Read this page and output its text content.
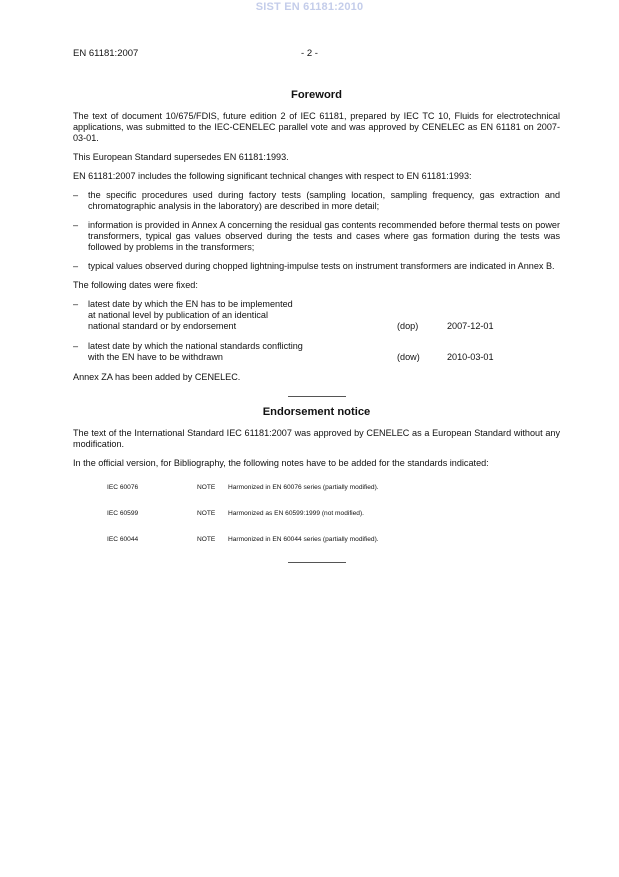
SIST EN 61181:2010
EN 61181:2007	- 2 -
Foreword

The text of document 10/675/FDIS, future edition 2 of IEC 61181, prepared by IEC TC 10, Fluids for electrotechnical applications, was submitted to the IEC-CENELEC parallel vote and was approved by CENELEC as EN 61181 on 2007-03-01.

This European Standard supersedes EN 61181:1993.

EN 61181:2007 includes the following significant technical changes with respect to EN 61181:1993:

– the specific procedures used during factory tests (sampling location, sampling frequency, gas extraction and chromatographic analysis in the laboratory) are described in more detail;
– information is provided in Annex A concerning the residual gas contents recommended before thermal tests on power transformers, typical gas values observed during the tests and cases where gas formation during the tests was followed by problems in the transformers;
– typical values observed during chopped lightning-impulse tests on instrument transformers are indicated in Annex B.

The following dates were fixed:

– latest date by which the EN has to be implemented
at national level by publication of an identical
national standard or by endorsement	(dop)	2007-12-01
– latest date by which the national standards conflicting
with the EN have to be withdrawn	(dow)	2010-03-01

Annex ZA has been added by CENELEC.

Endorsement notice

The text of the International Standard IEC 61181:2007 was approved by CENELEC as a European Standard without any modification.

In the official version, for Bibliography, the following notes have to be added for the standards indicated:

IEC 60076	NOTE Harmonized in EN 60076 series (partially modified).
IEC 60599	NOTE Harmonized as EN 60599:1999 (not modified).
IEC 60044	NOTE Harmonized in EN 60044 series (partially modified).
